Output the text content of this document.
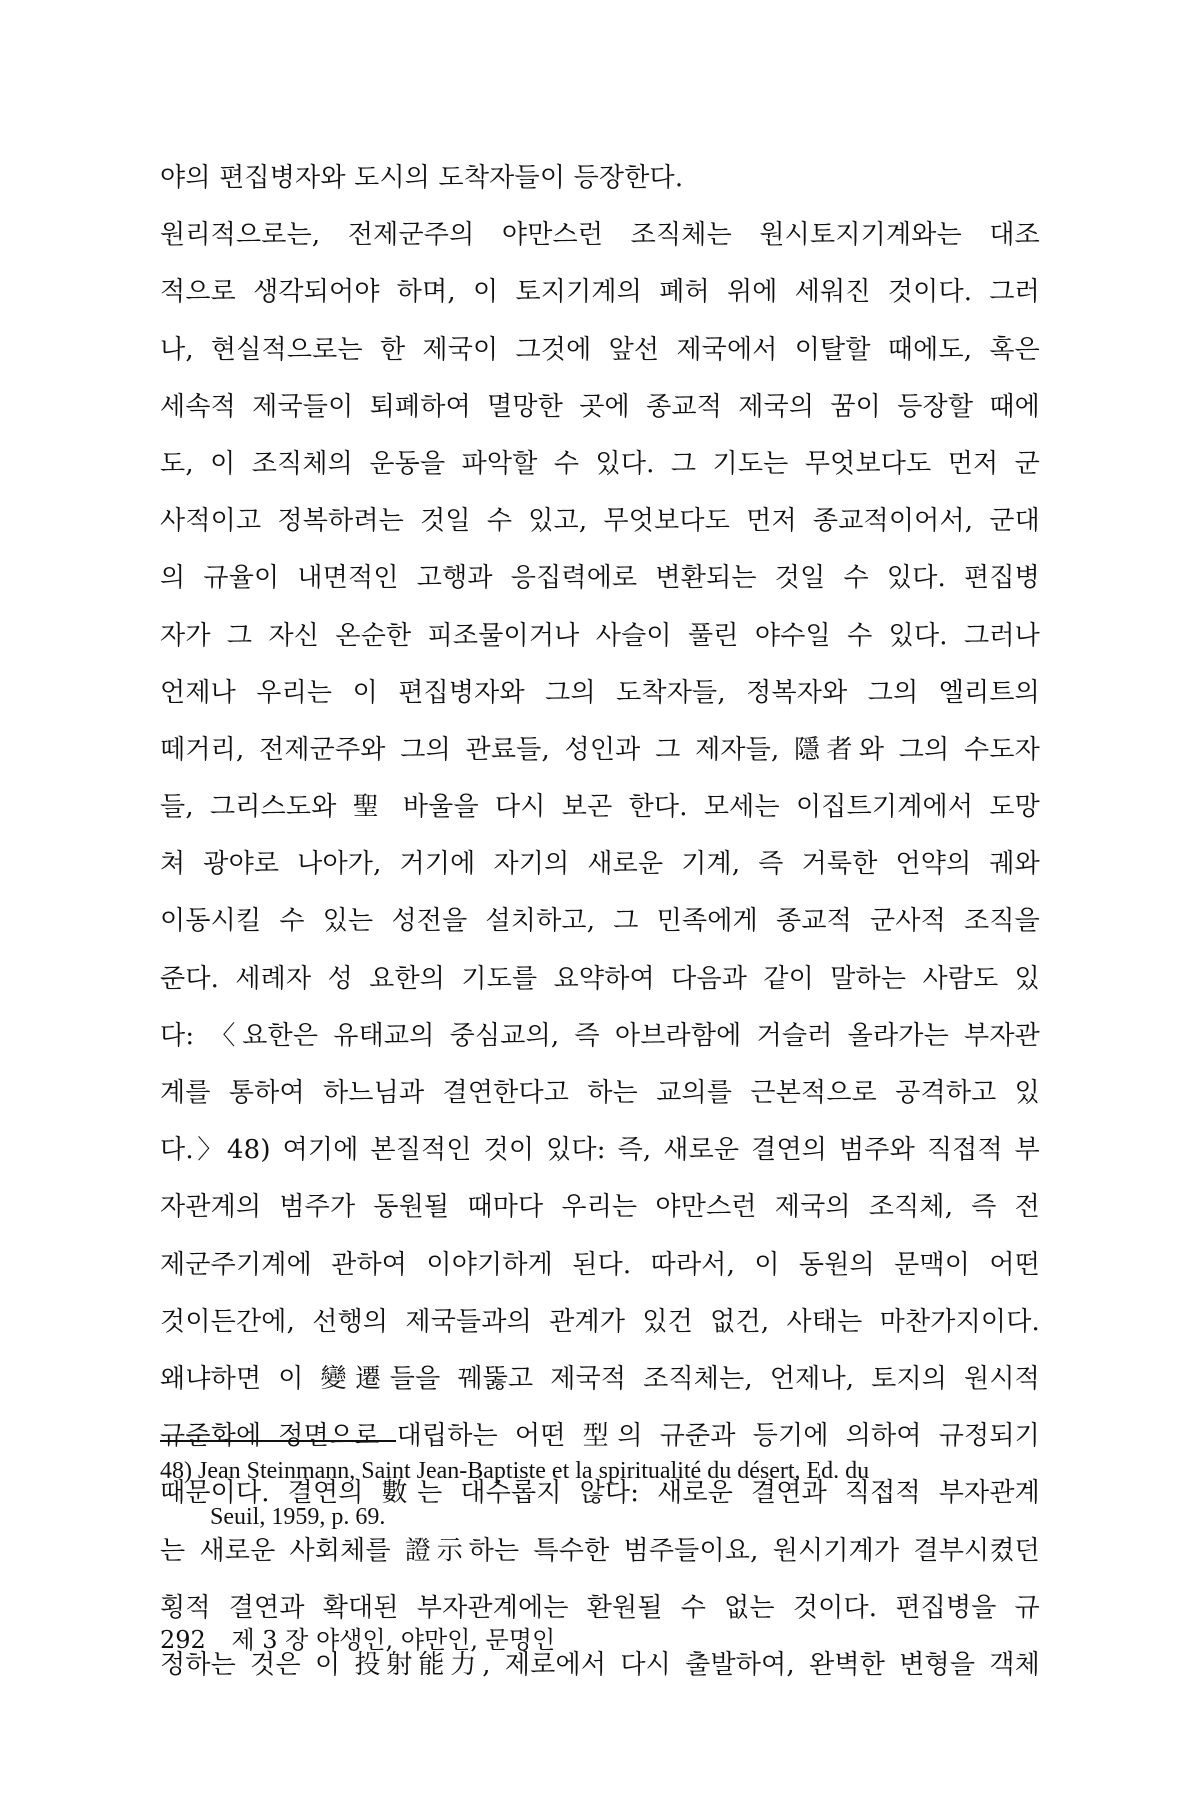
야의 편집병자와 도시의 도착자들이 등장한다.
원리적으로는, 전제군주의 야만스런 조직체는 원시토지기계와는 대조
적으로 생각되어야 하며, 이 토지기계의 폐허 위에 세워진 것이다. 그러
나, 현실적으로는 한 제국이 그것에 앞선 제국에서 이탈할 때에도, 혹은
세속적 제국들이 퇴폐하여 멸망한 곳에 종교적 제국의 꿈이 등장할 때에
도, 이 조직체의 운동을 파악할 수 있다. 그 기도는 무엇보다도 먼저 군
사적이고 정복하려는 것일 수 있고, 무엇보다도 먼저 종교적이어서, 군대
의 규율이 내면적인 고행과 응집력에로 변환되는 것일 수 있다. 편집병
자가 그 자신 온순한 피조물이거나 사슬이 풀린 야수일 수 있다. 그러나
언제나 우리는 이 편집병자와 그의 도착자들, 정복자와 그의 엘리트의
떼거리, 전제군주와 그의 관료들, 성인과 그 제자들, 隱者와 그의 수도자
들, 그리스도와 聖 바울을 다시 보곤 한다. 모세는 이집트기계에서 도망
쳐 광야로 나아가, 거기에 자기의 새로운 기계, 즉 거룩한 언약의 궤와
이동시킬 수 있는 성전을 설치하고, 그 민족에게 종교적 군사적 조직을
준다. 세례자 성 요한의 기도를 요약하여 다음과 같이 말하는 사람도 있
다: 〈요한은 유태교의 중심교의, 즉 아브라함에 거슬러 올라가는 부자관
계를 통하여 하느님과 결연한다고 하는 교의를 근본적으로 공격하고 있
다.〉48) 여기에 본질적인 것이 있다: 즉, 새로운 결연의 범주와 직접적 부
자관계의 범주가 동원될 때마다 우리는 야만스런 제국의 조직체, 즉 전
제군주기계에 관하여 이야기하게 된다. 따라서, 이 동원의 문맥이 어떤
것이든간에, 선행의 제국들과의 관계가 있건 없건, 사태는 마찬가지이다.
왜냐하면 이 變遷들을 꿰뚫고 제국적 조직체는, 언제나, 토지의 원시적
규준화에 정면으로 대립하는 어떤 型의 규준과 등기에 의하여 규정되기
때문이다. 결연의 數는 대수롭지 않다: 새로운 결연과 직접적 부자관계
는 새로운 사회체를 證示하는 특수한 범주들이요, 원시기계가 결부시켰던
횡적 결연과 확대된 부자관계에는 환원될 수 없는 것이다. 편집병을 규
정하는 것은 이 投射能力, 제로에서 다시 출발하여, 완벽한 변형을 객체
48) Jean Steinmann, Saint Jean-Baptiste et la spiritualité du désert, Ed. du
Seuil, 1959, p. 69.
292 제 3 장 야생인, 야만인, 문명인
